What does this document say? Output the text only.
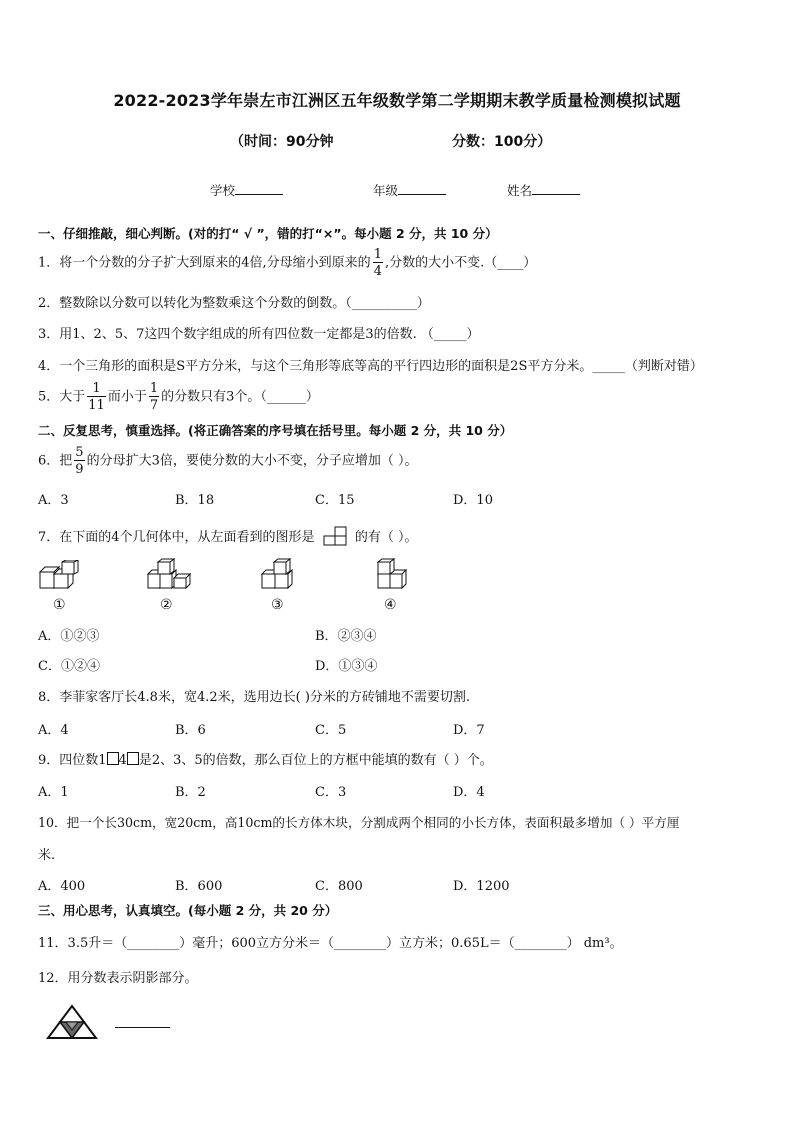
2022-2023学年崇左市江洲区五年级数学第二学期期末教学质量检测模拟试题
（时间：90分钟	分数：100分）
学校	年级	姓名
一、仔细推敲，细心判断。(对的打“ √ ”，错的打“×”。每小题 2 分，共 10 分）
1．将一个分数的分子扩大到原来的4倍,分母缩小到原来的 $\frac{1}{4}$ ,分数的大小不变.（____）
2．整数除以分数可以转化为整数乘这个分数的倒数。（__________）
3．用1、2、5、7这四个数字组成的所有四位数一定都是3的倍数. （_____）
4．一个三角形的面积是S平方分米，与这个三角形等底等高的平行四边形的面积是2S平方分米。_____（判断对错）
5．大于 $\frac{1}{11}$ 而小于 $\frac{1}{7}$ 的分数只有3个。（______）
二、反复思考，慎重选择。(将正确答案的序号填在括号里。每小题 2 分，共 10 分）
6．把 $\frac{5}{9}$ 的分母扩大3倍，要使分数的大小不变，分子应增加（ ）。
A．3	B．18	C．15	D．10
7．在下面的4个几何体中，从左面看到的图形是	的有（ ）。
①	②	③	④
A．①②③	B．②③④
C．①②④	D．①③④
8．李菲家客厅长4.8米，宽4.2米，选用边长( )分米的方砖铺地不需要切割.
A．4	B．6	C．5	D．7
9．四位数1 4 是2、3、5的倍数，那么百位上的方框中能填的数有（ ）个。
A．1	B．2	C．3	D．4
10．把一个长30cm，宽20cm，高10cm的长方体木块，分割成两个相同的小长方体，表面积最多增加（ ）平方厘
米.
A．400	B．600	C．800	D．1200
三、用心思考，认真填空。(每小题 2 分，共 20 分）
11．3.5升＝（________）毫升；600立方分米＝（________）立方米；0.65L＝（________） dm³。
12．用分数表示阴影部分。
